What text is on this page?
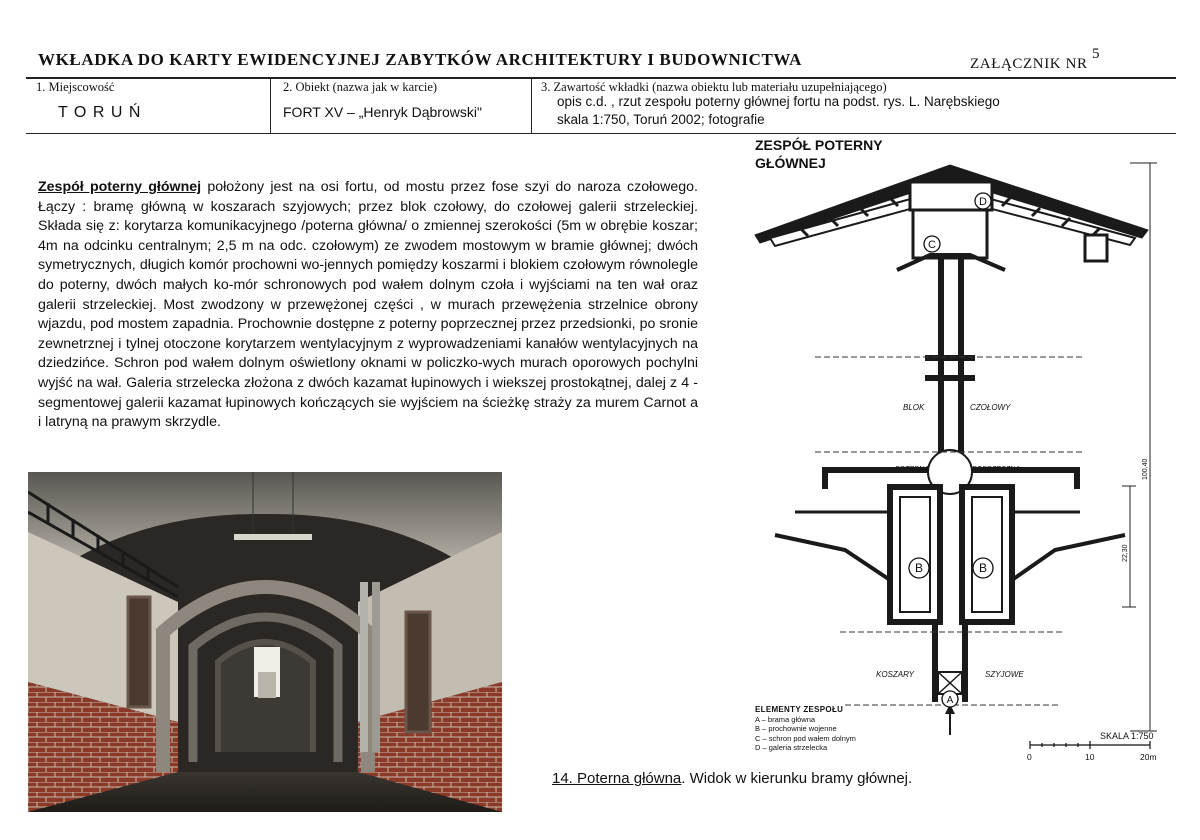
WKŁADKA DO KARTY EWIDENCYJNEJ ZABYTKÓW ARCHITEKTURY I BUDOWNICTWA	ZAŁĄCZNIK NR $^5$
1. Miejscowość
T O R U Ń
2. Obiekt (nazwa jak w karcie)
FORT XV – „Henryk Dąbrowski"
3. Zawartość wkładki (nazwa obiektu lub materiału uzupełniającego)
opis c.d. , rzut zespołu poterny głównej fortu na podst. rys. L. Narębskiego
skala 1:750, Toruń 2002; fotografie
Zespół poterny głównej położony jest na osi fortu, od mostu przez fose szyi do naroza czołowego. Łączy : bramę główną w koszarach szyjowych; przez blok czołowy, do czołowej galerii strzeleckiej. Składa się z: korytarza komunikacyjnego /poterna główna/ o zmiennej szerokości (5m w obrębie koszar; 4m na odcinku centralnym; 2,5 m na odc. czołowym) ze zwodem mostowym w bramie głównej; dwóch symetrycznych, długich komór prochowni wo-jennych pomiędzy koszarmi i blokiem czołowym równolegle do poterny, dwóch małych ko-mór schronowych pod wałem dolnym czoła i wyjściami na ten wał oraz galerii strzeleckiej. Most zwodzony w przewężonej części , w murach przewężenia strzelnice obrony wjazdu, pod mostem zapadnia. Prochownie dostępne z poterny poprzecznej przez przedsionki, po sronie zewnetrznej i tylnej otoczone korytarzem wentylacyjnym z wyprowadzeniami kanałów wentylacyjnych na dziedzińce. Schron pod wałem dolnym oświetlony oknami w policzko-wych murach oporowych pochylni wyjść na wał. Galeria strzelecka złożona z dwóch kazamat łupinowych i wiekszej prostokątnej, dalej z 4 - segmentowej galerii kazamat łupinowych kończących sie wyjściem na ścieżkę straży za murem Carnot a i latryną na prawym skrzydle.
14. Poterna główna. Widok w kierunku bramy głównej.
ZESPÓŁ POTERNY
GŁÓWNEJ
D
C
B	B
A
BLOK	CZOŁOWY
POTERNA	POPRZECZNA
KOSZARY	SZYJOWE
100,40
22,30
0	10	20m
ELEMENTY ZESPOŁU
A – brama główna
B – prochownie wojenne
C – schron pod wałem dolnym
D – galeria strzelecka
SKALA 1:750
